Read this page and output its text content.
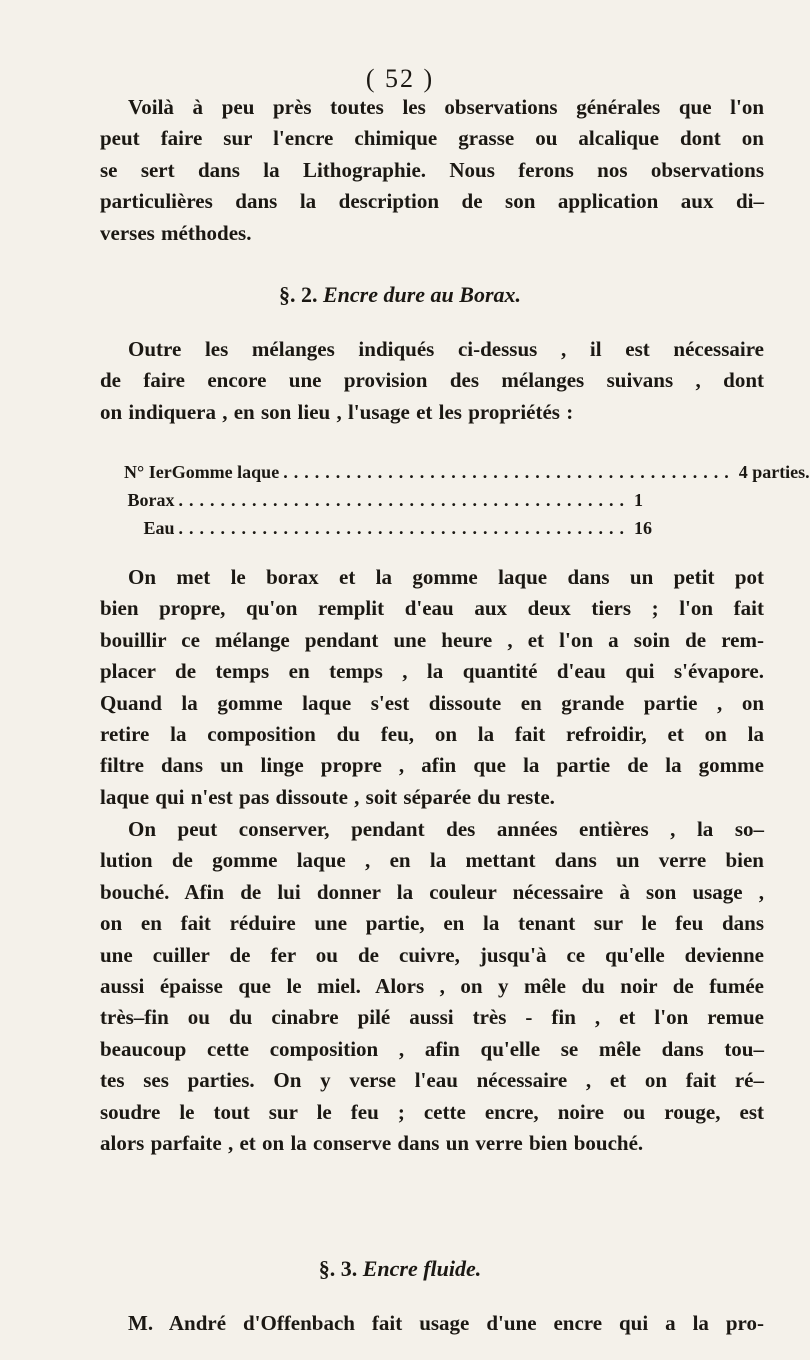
( 52 )
Voilà à peu près toutes les observations générales que l'on
peut faire sur l'encre chimique grasse ou alcalique dont on
se sert dans la Lithographie. Nous ferons nos observations
particulières dans la description de son application aux di–
verses méthodes.
§. 2. Encre dure au Borax.
Outre les mélanges indiqués ci-dessus , il est nécessaire
de faire encore une provision des mélanges suivans , dont
on indiquera , en son lieu , l'usage et les propriétés :
N° Ier Gomme laque ........................................... 4 parties.
Borax ........................................... 1
Eau ........................................... 16
On met le borax et la gomme laque dans un petit pot
bien propre, qu'on remplit d'eau aux deux tiers ; l'on fait
bouillir ce mélange pendant une heure , et l'on a soin de rem-
placer de temps en temps , la quantité d'eau qui s'évapore.
Quand la gomme laque s'est dissoute en grande partie , on
retire la composition du feu, on la fait refroidir, et on la
filtre dans un linge propre , afin que la partie de la gomme
laque qui n'est pas dissoute , soit séparée du reste.
On peut conserver, pendant des années entières , la so–
lution de gomme laque , en la mettant dans un verre bien
bouché. Afin de lui donner la couleur nécessaire à son usage ,
on en fait réduire une partie, en la tenant sur le feu dans
une cuiller de fer ou de cuivre, jusqu'à ce qu'elle devienne
aussi épaisse que le miel. Alors , on y mêle du noir de fumée
très–fin ou du cinabre pilé aussi très - fin , et l'on remue
beaucoup cette composition , afin qu'elle se mêle dans tou–
tes ses parties. On y verse l'eau nécessaire , et on fait ré–
soudre le tout sur le feu ; cette encre, noire ou rouge, est
alors parfaite , et on la conserve dans un verre bien bouché.
§. 3. Encre fluide.
M. André d'Offenbach fait usage d'une encre qui a la pro-
